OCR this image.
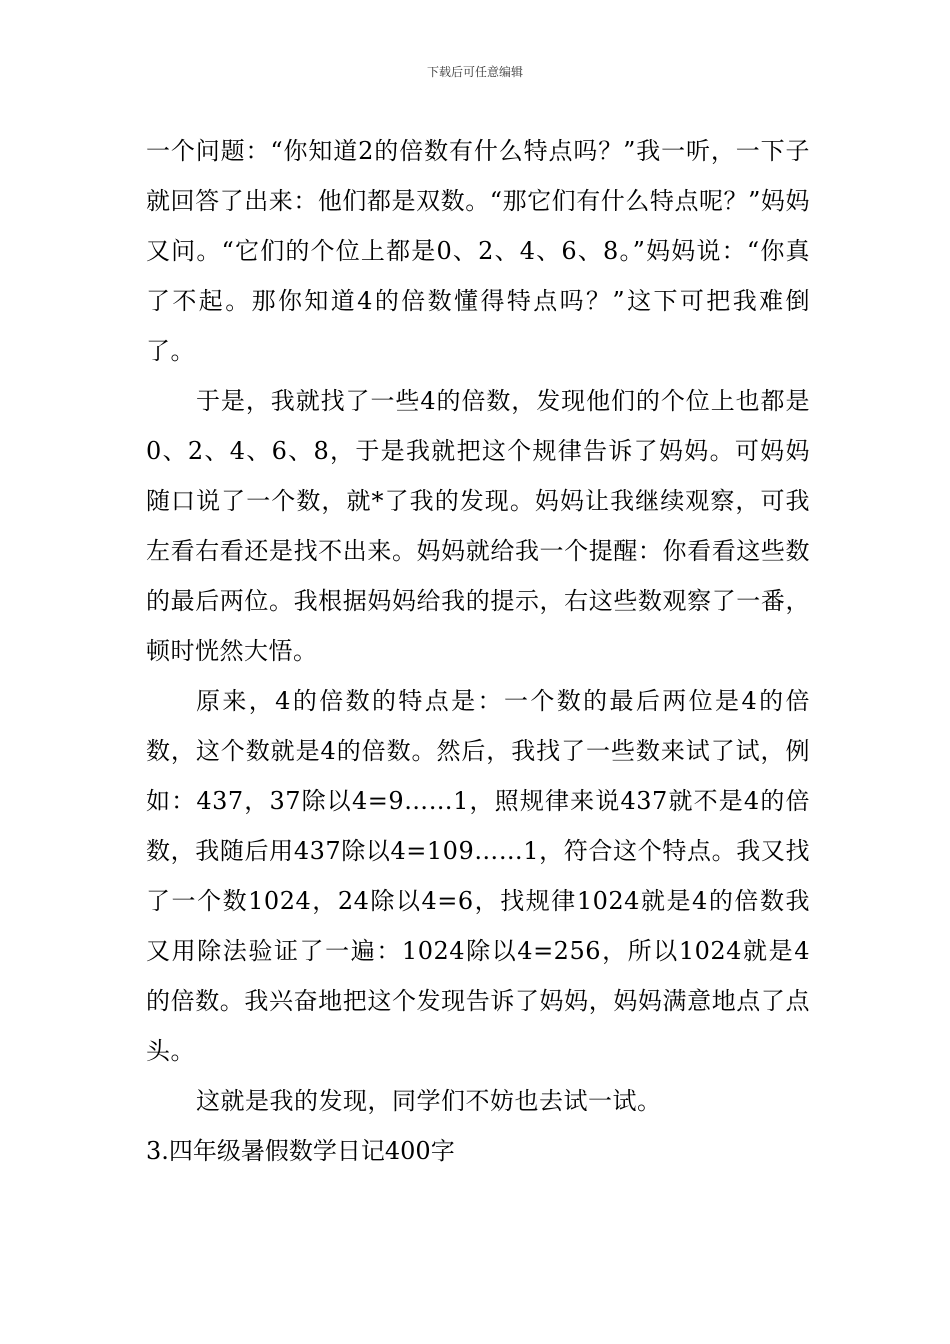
下载后可任意编辑

一个问题：“你知道2的倍数有什么特点吗？”我一听，一下子就回答了出来：他们都是双数。“那它们有什么特点呢？”妈妈又问。“它们的个位上都是0、2、4、6、8。”妈妈说：“你真了不起。那你知道4的倍数懂得特点吗？”这下可把我难倒了。

于是，我就找了一些4的倍数，发现他们的个位上也都是0、2、4、6、8，于是我就把这个规律告诉了妈妈。可妈妈随口说了一个数，就*了我的发现。妈妈让我继续观察，可我左看右看还是找不出来。妈妈就给我一个提醒：你看看这些数的最后两位。我根据妈妈给我的提示，右这些数观察了一番，顿时恍然大悟。

原来，4的倍数的特点是：一个数的最后两位是4的倍数，这个数就是4的倍数。然后，我找了一些数来试了试，例如：437，37除以4=9……1，照规律来说437就不是4的倍数，我随后用437除以4=109……1，符合这个特点。我又找了一个数1024，24除以4=6，找规律1024就是4的倍数我又用除法验证了一遍：1024除以4=256，所以1024就是4的倍数。我兴奋地把这个发现告诉了妈妈，妈妈满意地点了点头。

这就是我的发现，同学们不妨也去试一试。

3.四年级暑假数学日记400字
